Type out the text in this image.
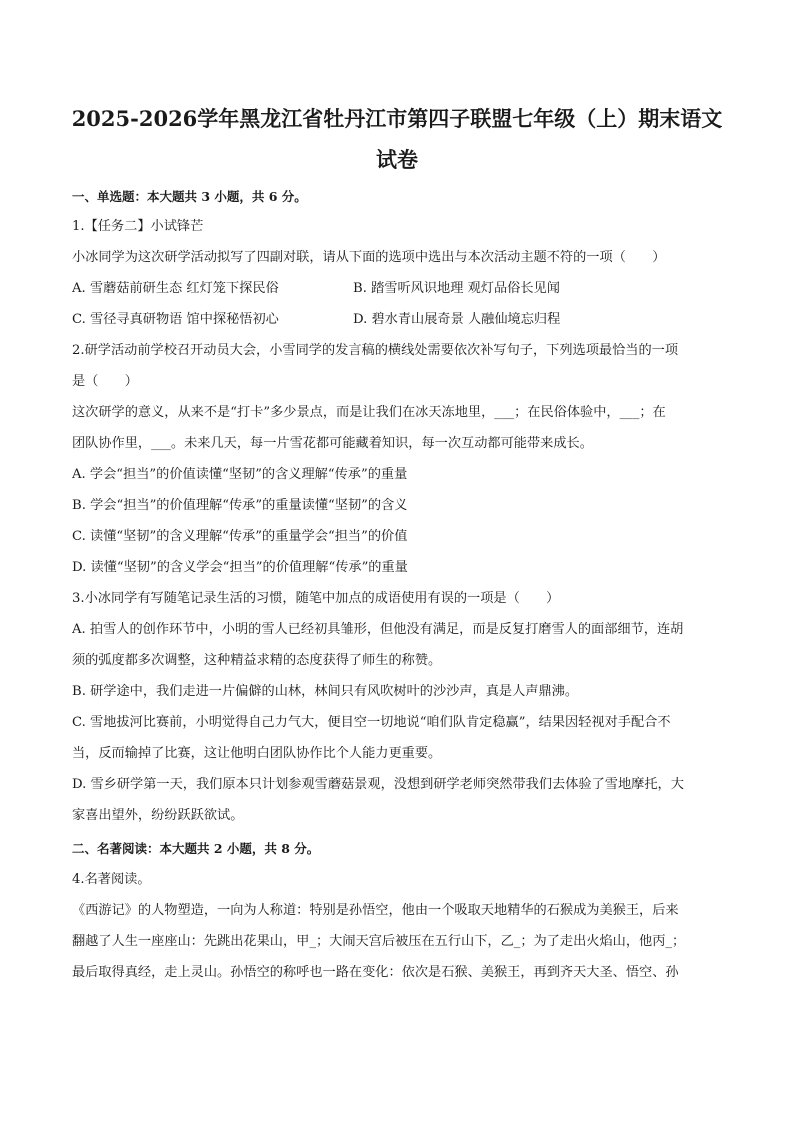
2025-2026学年黑龙江省牡丹江市第四子联盟七年级（上）期末语文
试卷
一、单选题：本大题共 3 小题，共 6 分。
1.【任务二】小试锋芒
小冰同学为这次研学活动拟写了四副对联，请从下面的选项中选出与本次活动主题不符的一项（　　）
A. 雪蘑菇前研生态 红灯笼下探民俗	B. 踏雪听风识地理 观灯品俗长见闻
C. 雪径寻真研物语 馆中探秘悟初心	D. 碧水青山展奇景 人融仙境忘归程
2.研学活动前学校召开动员大会，小雪同学的发言稿的横线处需要依次补写句子，下列选项最恰当的一项
是（　　）
这次研学的意义，从来不是“打卡”多少景点，而是让我们在冰天冻地里，___；在民俗体验中，___；在
团队协作里，___。未来几天，每一片雪花都可能藏着知识，每一次互动都可能带来成长。
A. 学会“担当”的价值读懂“坚韧”的含义理解“传承”的重量
B. 学会“担当”的价值理解“传承”的重量读懂“坚韧”的含义
C. 读懂“坚韧”的含义理解“传承”的重量学会“担当”的价值
D. 读懂“坚韧”的含义学会“担当”的价值理解“传承”的重量
3.小冰同学有写随笔记录生活的习惯，随笔中加点的成语使用有误的一项是（　　）
A. 拍雪人的创作环节中，小明的雪人已经初具雏形，但他没有满足，而是反复打磨雪人的面部细节，连胡
须的弧度都多次调整，这种精益求精的态度获得了师生的称赞。
B. 研学途中，我们走进一片偏僻的山林，林间只有风吹树叶的沙沙声，真是人声鼎沸。
C. 雪地拔河比赛前，小明觉得自己力气大，便目空一切地说“咱们队肯定稳赢”，结果因轻视对手配合不
当，反而输掉了比赛，这让他明白团队协作比个人能力更重要。
D. 雪乡研学第一天，我们原本只计划参观雪蘑菇景观，没想到研学老师突然带我们去体验了雪地摩托，大
家喜出望外，纷纷跃跃欲试。
二、名著阅读：本大题共 2 小题，共 8 分。
4.名著阅读。
《西游记》的人物塑造，一向为人称道：特别是孙悟空，他由一个吸取天地精华的石猴成为美猴王，后来
翻越了人生一座座山：先跳出花果山，甲_；大闹天宫后被压在五行山下，乙_；为了走出火焰山，他丙_；
最后取得真经，走上灵山。孙悟空的称呼也一路在变化：依次是石猴、美猴王，再到齐天大圣、悟空、孙
